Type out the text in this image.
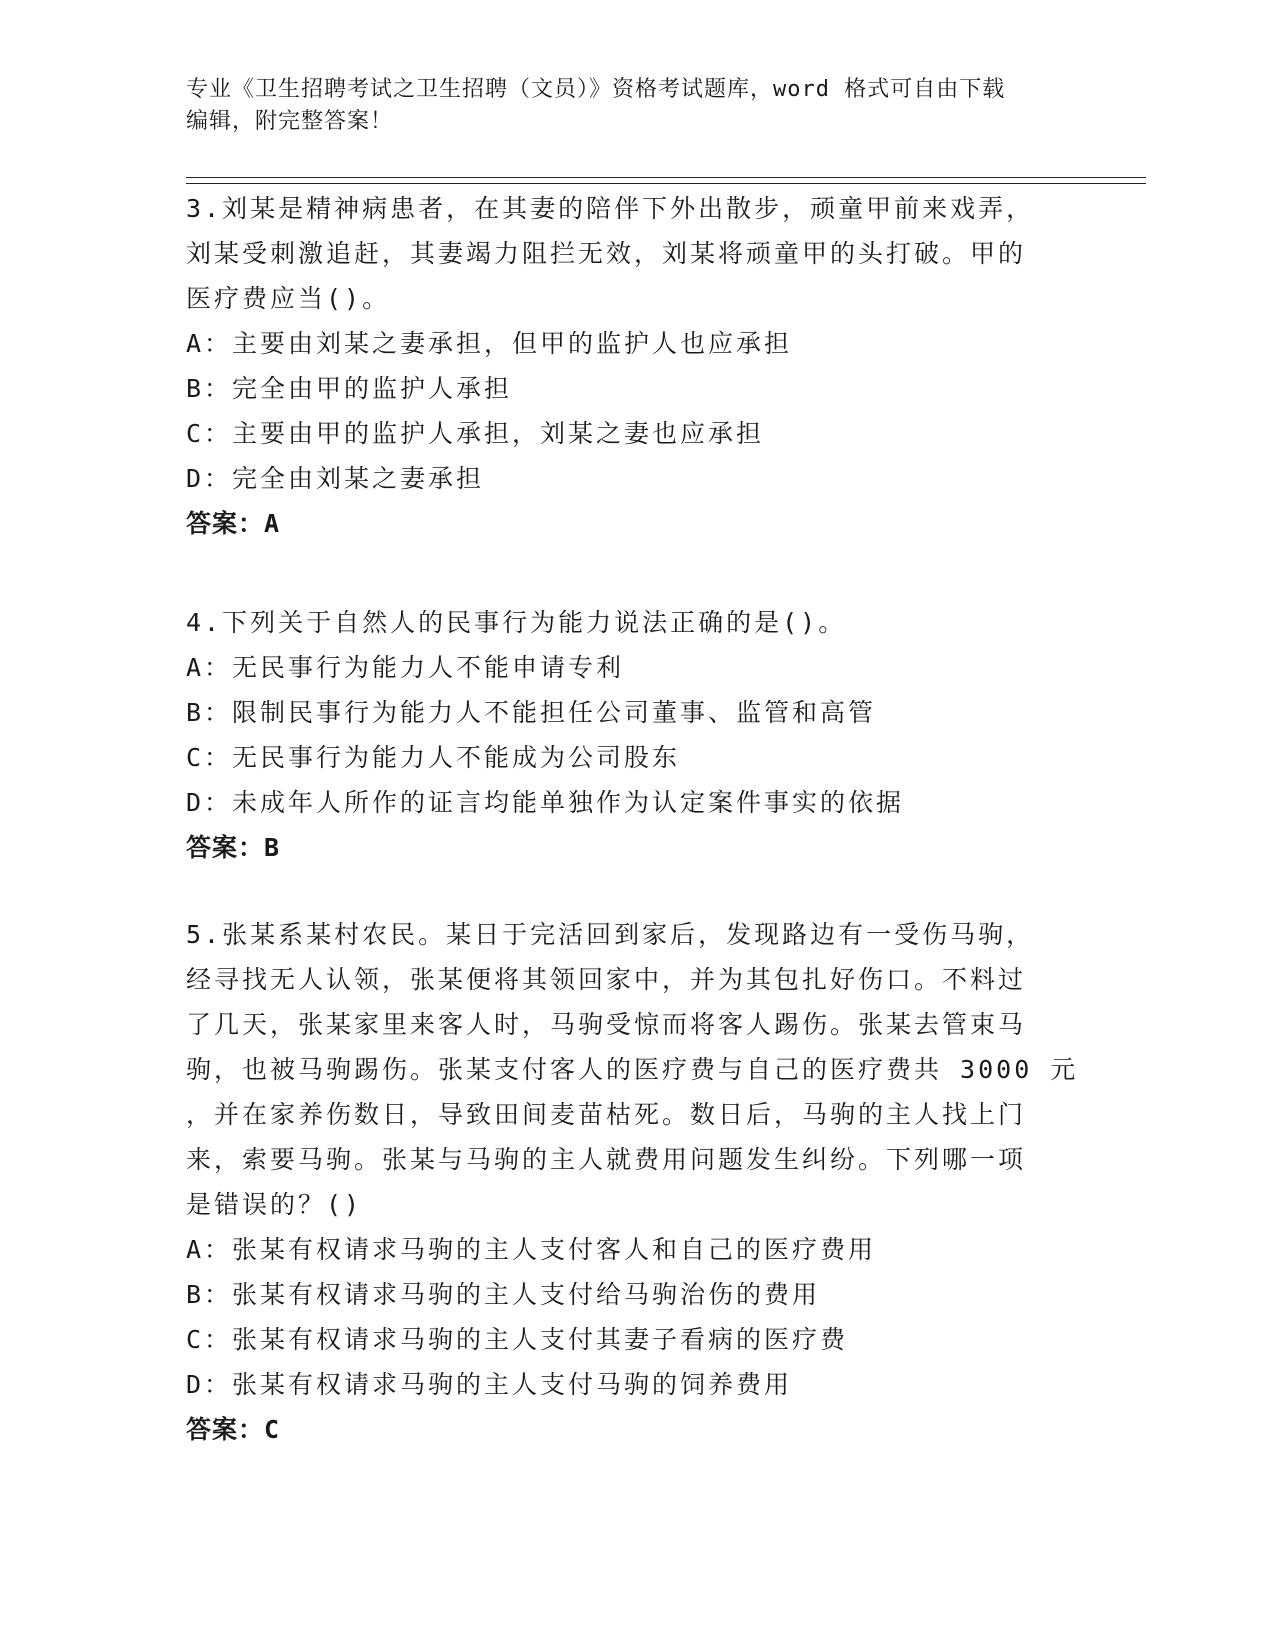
专业《卫生招聘考试之卫生招聘（文员）》资格考试题库，word 格式可自由下载
编辑，附完整答案！
3.刘某是精神病患者，在其妻的陪伴下外出散步，顽童甲前来戏弄，
刘某受刺激追赶，其妻竭力阻拦无效，刘某将顽童甲的头打破。甲的
医疗费应当()。
A：主要由刘某之妻承担，但甲的监护人也应承担
B：完全由甲的监护人承担
C：主要由甲的监护人承担，刘某之妻也应承担
D：完全由刘某之妻承担
答案：A
4.下列关于自然人的民事行为能力说法正确的是()。
A：无民事行为能力人不能申请专利
B：限制民事行为能力人不能担任公司董事、监管和高管
C：无民事行为能力人不能成为公司股东
D：未成年人所作的证言均能单独作为认定案件事实的依据
答案：B
5.张某系某村农民。某日于完活回到家后，发现路边有一受伤马驹，
经寻找无人认领，张某便将其领回家中，并为其包扎好伤口。不料过
了几天，张某家里来客人时，马驹受惊而将客人踢伤。张某去管束马
驹，也被马驹踢伤。张某支付客人的医疗费与自己的医疗费共 3000 元
，并在家养伤数日，导致田间麦苗枯死。数日后，马驹的主人找上门
来，索要马驹。张某与马驹的主人就费用问题发生纠纷。下列哪一项
是错误的？()
A：张某有权请求马驹的主人支付客人和自己的医疗费用
B：张某有权请求马驹的主人支付给马驹治伤的费用
C：张某有权请求马驹的主人支付其妻子看病的医疗费
D：张某有权请求马驹的主人支付马驹的饲养费用
答案：C
